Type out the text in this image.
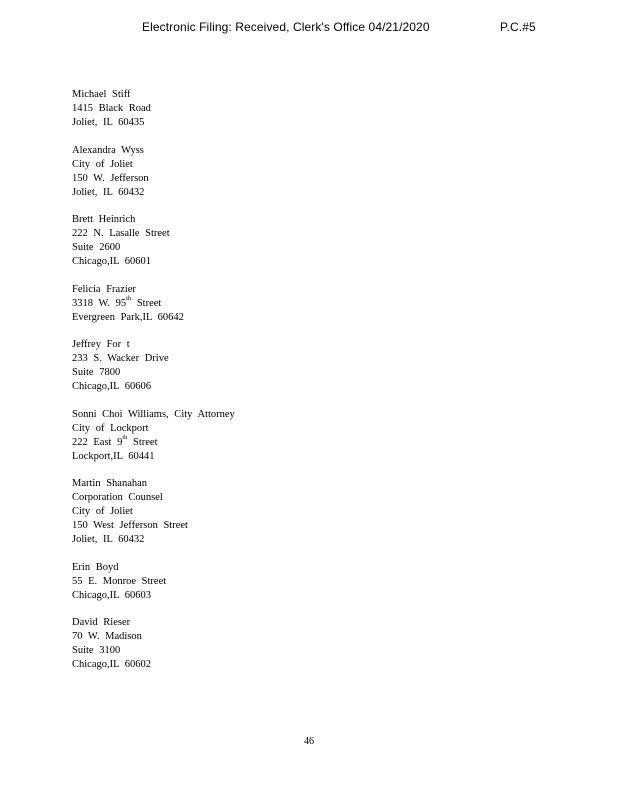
Electronic Filing: Received, Clerk's Office 04/21/2020	P.C.#5
Michael Stiff
1415 Black Road
Joliet, IL 60435
Alexandra Wyss
City of Joliet
150 W. Jefferson
Joliet, IL 60432
Brett Heinrich
222 N. Lasalle Street
Suite 2600
Chicago,IL 60601
Felicia Frazier
3318 W. 95th Street
Evergreen Park,IL 60642
Jeffrey For t
233 S. Wacker Drive
Suite 7800
Chicago,IL 60606
Sonni Choi Williams, City Attorney
City of Lockport
222 East 9th Street
Lockport,IL 60441
Martin Shanahan
Corporation Counsel
City of Joliet
150 West Jefferson Street
Joliet, IL 60432
Erin Boyd
55 E. Monroe Street
Chicago,IL 60603
David Rieser
70 W. Madison
Suite 3100
Chicago,IL 60602
46
